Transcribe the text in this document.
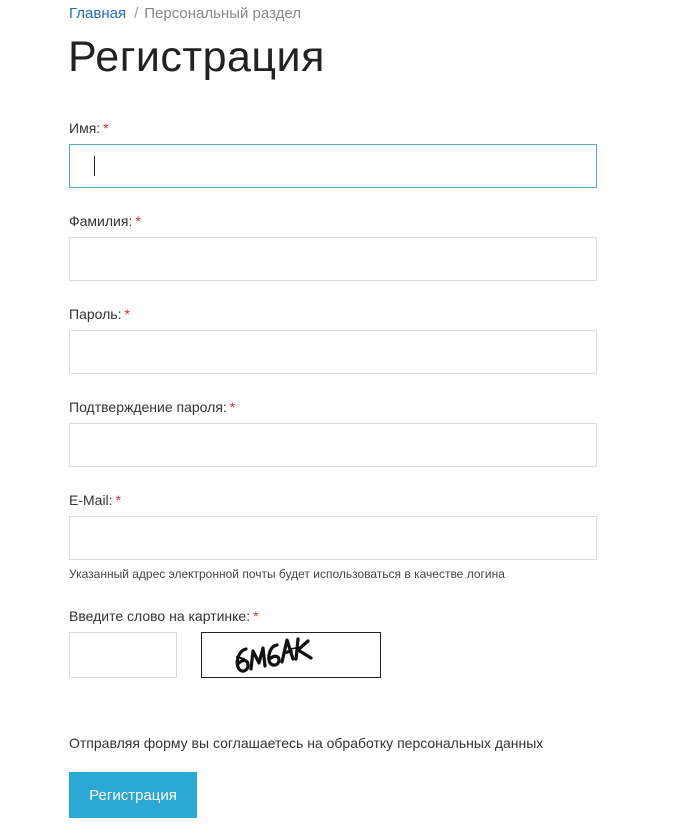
Главная / Персональный раздел
Регистрация
Имя: *
Фамилия: *
Пароль: *
Подтверждение пароля: *
E-Mail: *
Указанный адрес электронной почты будет использоваться в качестве логина
Введите слово на картинке: *
Отправляя форму вы соглашаетесь на обработку персональных данных
Регистрация
